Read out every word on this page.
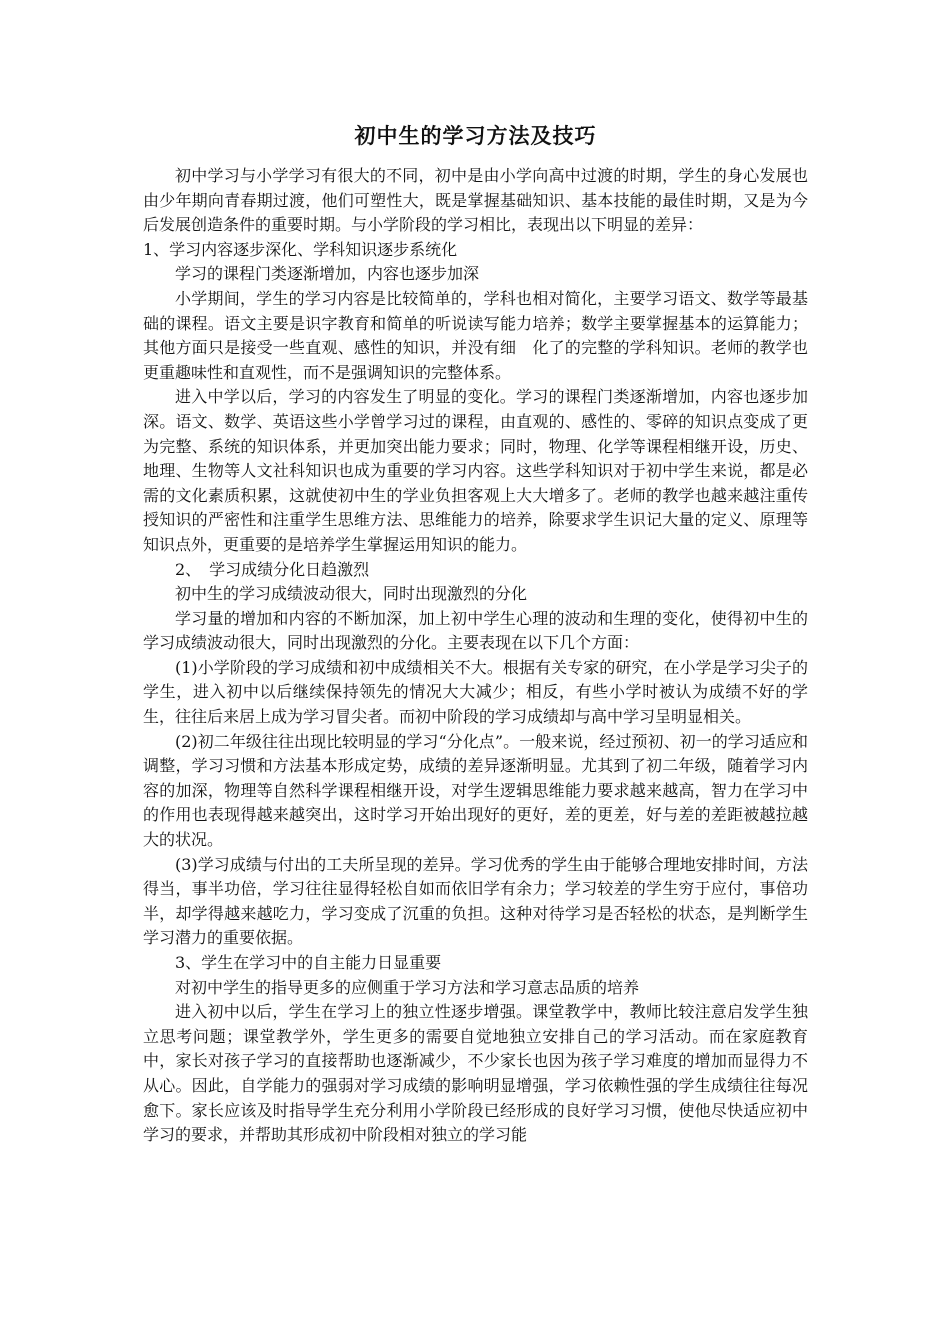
初中生的学习方法及技巧

初中学习与小学学习有很大的不同，初中是由小学向高中过渡的时期，学生的身心发展也由少年期向青春期过渡，他们可塑性大，既是掌握基础知识、基本技能的最佳时期，又是为今后发展创造条件的重要时期。与小学阶段的学习相比，表现出以下明显的差异：

1、学习内容逐步深化、学科知识逐步系统化

学习的课程门类逐渐增加，内容也逐步加深

小学期间，学生的学习内容是比较简单的，学科也相对简化，主要学习语文、数学等最基础的课程。语文主要是识字教育和简单的听说读写能力培养；数学主要掌握基本的运算能力；其他方面只是接受一些直观、感性的知识，并没有细　化了的完整的学科知识。老师的教学也更重趣味性和直观性，而不是强调知识的完整体系。

进入中学以后，学习的内容发生了明显的变化。学习的课程门类逐渐增加，内容也逐步加深。语文、数学、英语这些小学曾学习过的课程，由直观的、感性的、零碎的知识点变成了更为完整、系统的知识体系，并更加突出能力要求；同时，物理、化学等课程相继开设，历史、地理、生物等人文社科知识也成为重要的学习内容。这些学科知识对于初中学生来说，都是必需的文化素质积累，这就使初中生的学业负担客观上大大增多了。老师的教学也越来越注重传授知识的严密性和注重学生思维方法、思维能力的培养，除要求学生识记大量的定义、原理等知识点外，更重要的是培养学生掌握运用知识的能力。

2、　学习成绩分化日趋激烈

初中生的学习成绩波动很大，同时出现激烈的分化

学习量的增加和内容的不断加深，加上初中学生心理的波动和生理的变化，使得初中生的学习成绩波动很大，同时出现激烈的分化。主要表现在以下几个方面：

(1)小学阶段的学习成绩和初中成绩相关不大。根据有关专家的研究，在小学是学习尖子的学生，进入初中以后继续保持领先的情况大大减少；相反，有些小学时被认为成绩不好的学生，往往后来居上成为学习冒尖者。而初中阶段的学习成绩却与高中学习呈明显相关。

(2)初二年级往往出现比较明显的学习“分化点”。一般来说，经过预初、初一的学习适应和调整，学习习惯和方法基本形成定势，成绩的差异逐渐明显。尤其到了初二年级，随着学习内容的加深，物理等自然科学课程相继开设，对学生逻辑思维能力要求越来越高，智力在学习中的作用也表现得越来越突出，这时学习开始出现好的更好，差的更差，好与差的差距被越拉越大的状况。

(3)学习成绩与付出的工夫所呈现的差异。学习优秀的学生由于能够合理地安排时间，方法得当，事半功倍，学习往往显得轻松自如而依旧学有余力；学习较差的学生穷于应付，事倍功半，却学得越来越吃力，学习变成了沉重的负担。这种对待学习是否轻松的状态，是判断学生学习潜力的重要依据。

3、学生在学习中的自主能力日显重要

对初中学生的指导更多的应侧重于学习方法和学习意志品质的培养

进入初中以后，学生在学习上的独立性逐步增强。课堂教学中，教师比较注意启发学生独立思考问题；课堂教学外，学生更多的需要自觉地独立安排自己的学习活动。而在家庭教育中，家长对孩子学习的直接帮助也逐渐减少，不少家长也因为孩子学习难度的增加而显得力不从心。因此，自学能力的强弱对学习成绩的影响明显增强，学习依赖性强的学生成绩往往每况愈下。家长应该及时指导学生充分利用小学阶段已经形成的良好学习习惯，使他尽快适应初中学习的要求，并帮助其形成初中阶段相对独立的学习能
